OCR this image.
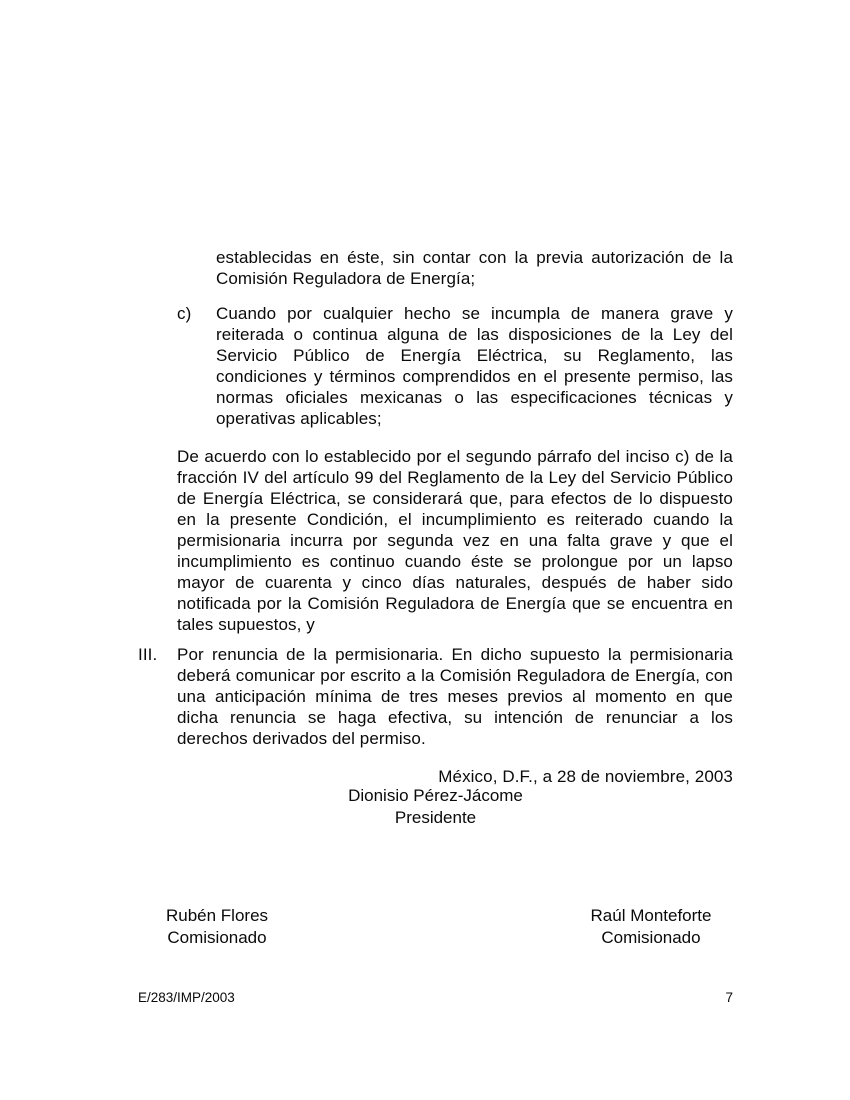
establecidas en éste, sin contar con la previa autorización de la Comisión Reguladora de Energía;

c) Cuando por cualquier hecho se incumpla de manera grave y reiterada o continua alguna de las disposiciones de la Ley del Servicio Público de Energía Eléctrica, su Reglamento, las condiciones y términos comprendidos en el presente permiso, las normas oficiales mexicanas o las especificaciones técnicas y operativas aplicables;

De acuerdo con lo establecido por el segundo párrafo del inciso c) de la fracción IV del artículo 99 del Reglamento de la Ley del Servicio Público de Energía Eléctrica, se considerará que, para efectos de lo dispuesto en la presente Condición, el incumplimiento es reiterado cuando la permisionaria incurra por segunda vez en una falta grave y que el incumplimiento es continuo cuando éste se prolongue por un lapso mayor de cuarenta y cinco días naturales, después de haber sido notificada por la Comisión Reguladora de Energía que se encuentra en tales supuestos, y

III. Por renuncia de la permisionaria. En dicho supuesto la permisionaria deberá comunicar por escrito a la Comisión Reguladora de Energía, con una anticipación mínima de tres meses previos al momento en que dicha renuncia se haga efectiva, su intención de renunciar a los derechos derivados del permiso.

México, D.F., a 28 de noviembre, 2003

Dionisio Pérez-Jácome
Presidente
Rubén Flores
Comisionado
Raúl Monteforte
Comisionado
E/283/IMP/2003	7
